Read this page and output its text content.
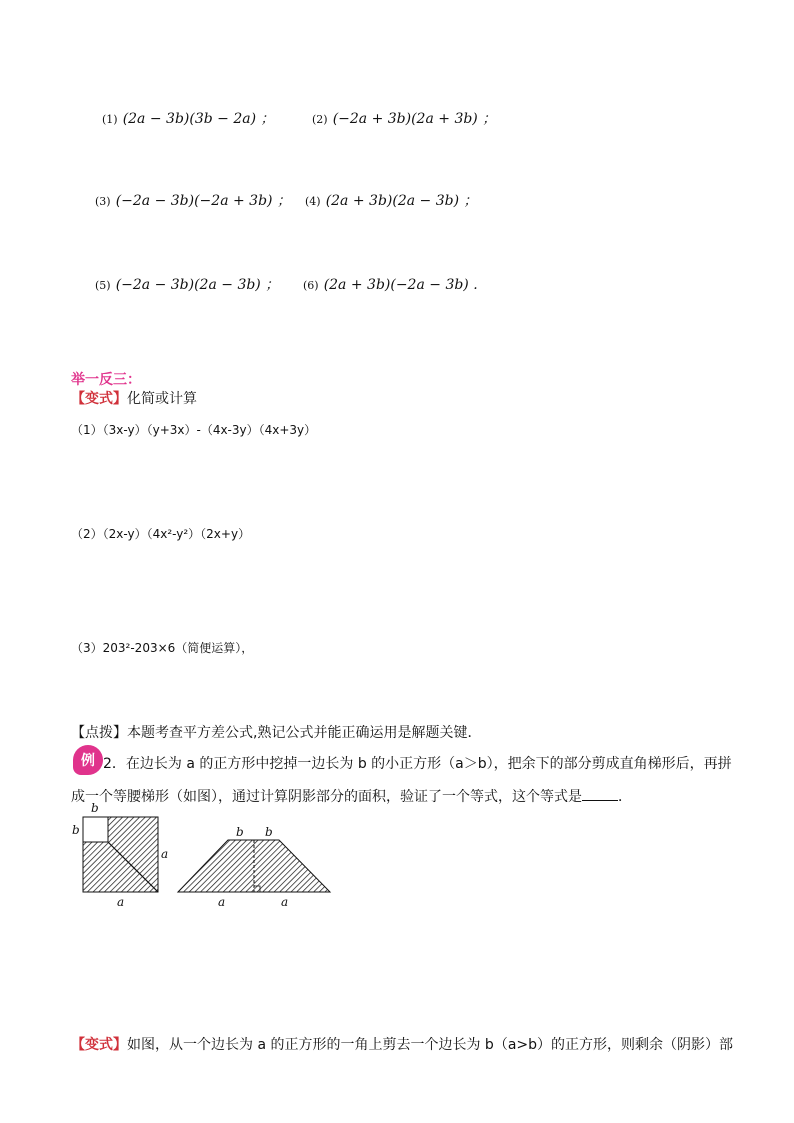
(1) (2a − 3b)(3b − 2a) ；	(2) (−2a + 3b)(2a + 3b) ；
(3) (−2a − 3b)(−2a + 3b) ； (4) (2a + 3b)(2a − 3b) ；
(5) (−2a − 3b)(2a − 3b) ； (6) (2a + 3b)(−2a − 3b) .
举一反三：
【变式】化简或计算
（1）（3x-y）（y+3x）-（4x-3y）（4x+3y）
（2）（2x-y）（4x²-y²）（2x+y）
（3）203²-203×6（简便运算），
【点拨】本题考查平方差公式,熟记公式并能正确运用是解题关键．
例 2．在边长为 a 的正方形中挖掉一边长为 b 的小正方形（a＞b），把余下的部分剪成直角梯形后，再拼
成一个等腰梯形（如图），通过计算阴影部分的面积，验证了一个等式，这个等式是	．
b
b
a
a
b b
a	a
【变式】如图，从一个边长为 a 的正方形的一角上剪去一个边长为 b（a>b）的正方形，则剩余（阴影）部
